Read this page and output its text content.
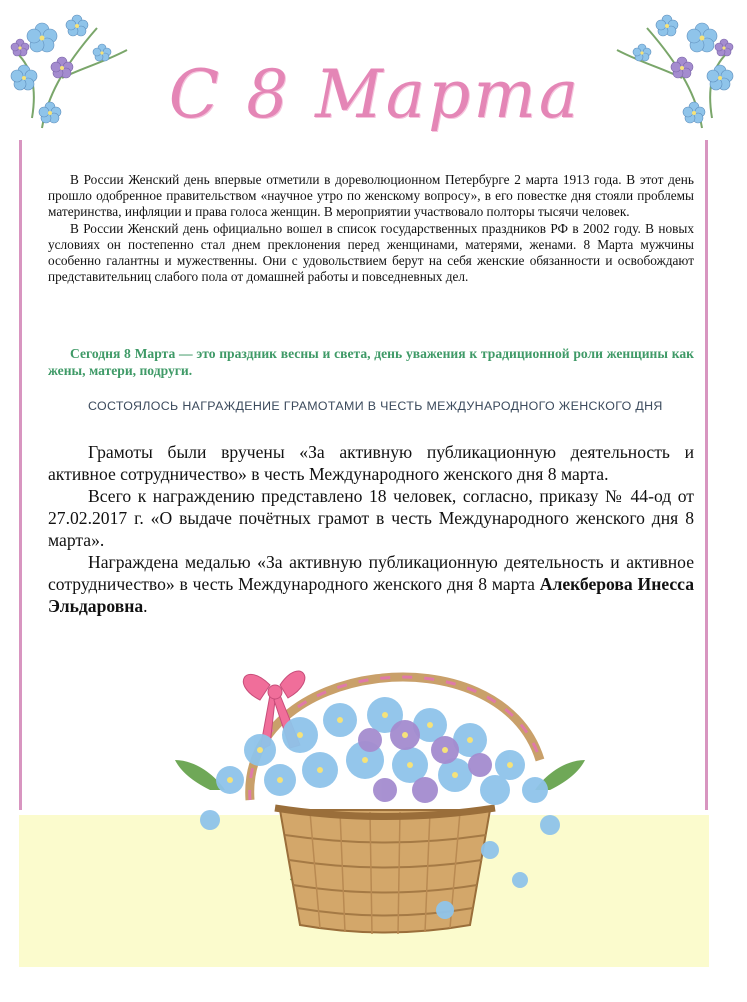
С 8 Марта

В России Женский день впервые отметили в дореволюционном Петербурге 2 марта 1913 года. В этот день прошло одобренное правительством «научное утро по женскому вопросу», в его повестке дня стояли проблемы материнства, инфляции и права голоса женщин. В мероприятии участвовало полторы тысячи человек.

В России Женский день официально вошел в список государственных праздников РФ в 2002 году. В новых условиях он постепенно стал днем преклонения перед женщинами, матерями, женами. 8 Марта мужчины особенно галантны и мужественны. Они с удовольствием берут на себя женские обязанности и освобождают представительниц слабого пола от домашней работы и повседневных дел.

Сегодня 8 Марта — это праздник весны и света, день уважения к традиционной роли женщины как жены, матери, подруги.
СОСТОЯЛОСЬ НАГРАЖДЕНИЕ ГРАМОТАМИ В ЧЕСТЬ МЕЖДУНАРОДНОГО ЖЕНСКОГО ДНЯ

Грамоты были вручены «За активную публикационную деятельность и активное сотрудничество» в честь Международного женского дня 8 марта.

Всего к награждению представлено 18 человек, согласно, приказу № 44-од от 27.02.2017 г. «О выдаче почётных грамот в честь Международного женского дня 8 марта».

Награждена медалью «За активную публикационную деятельность и активное сотрудничество» в честь Международного женского дня 8 марта Алекберова Инесса Эльдаровна.
